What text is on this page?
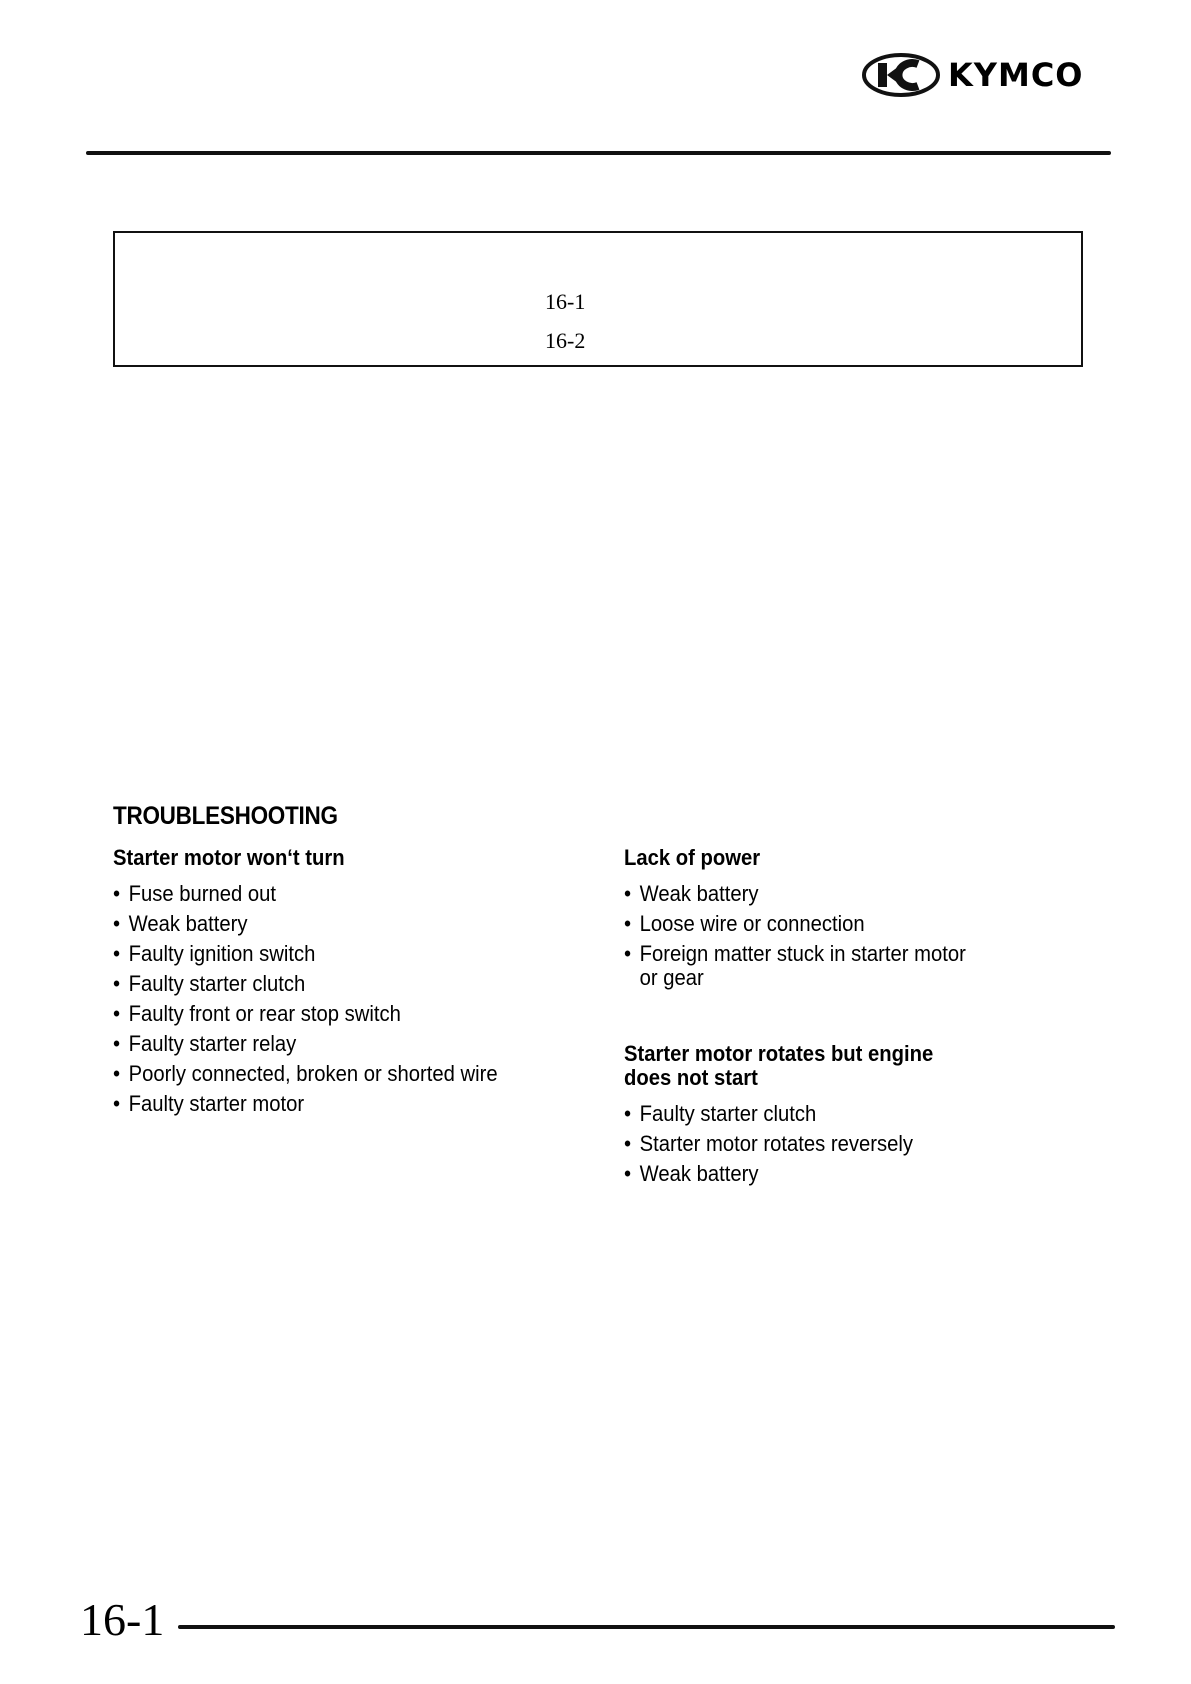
KYMCO
16-1
16-2
TROUBLESHOOTING

Starter motor won‘t turn

• Fuse burned out
• Weak battery
• Faulty ignition switch
• Faulty starter clutch
• Faulty front or rear stop switch
• Faulty starter relay
• Poorly connected, broken or shorted wire
• Faulty starter motor

Lack of power

• Weak battery
• Loose wire or connection
• Foreign matter stuck in starter motor or gear

Starter motor rotates but engine does not start

• Faulty starter clutch
• Starter motor rotates reversely
• Weak battery
16-1
